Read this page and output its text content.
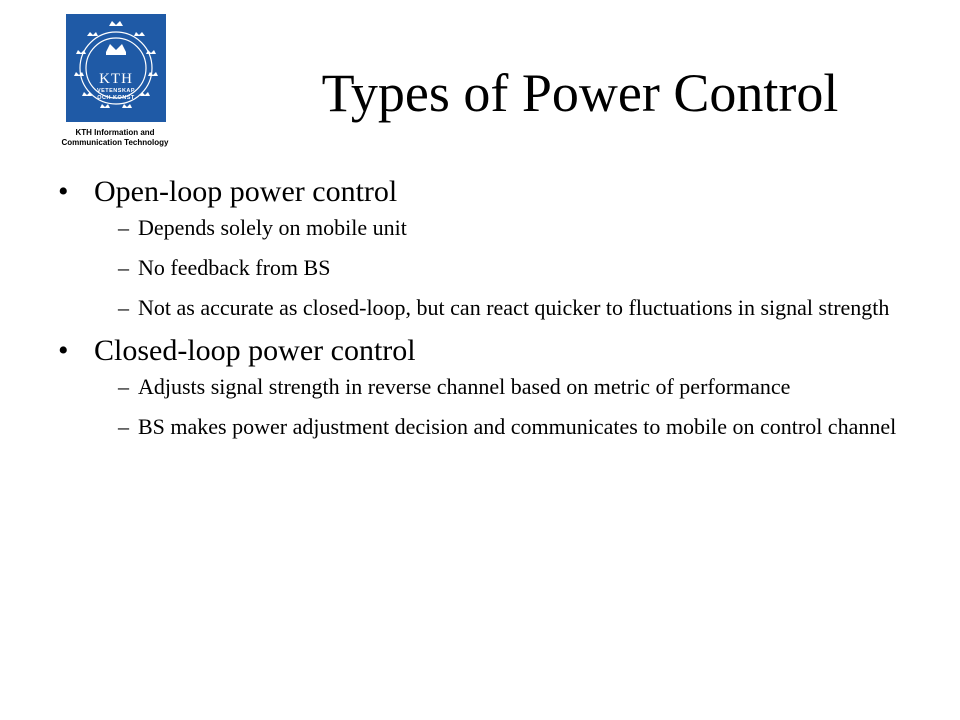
KTH
VETENSKAP
OCH KONST
KTH Information and
Communication Technology
Types of Power Control
• Open-loop power control
– Depends solely on mobile unit
– No feedback from BS
– Not as accurate as closed-loop, but can react quicker to fluctuations in signal strength
• Closed-loop power control
– Adjusts signal strength in reverse channel based on metric of performance
– BS makes power adjustment decision and communicates to mobile on control channel
